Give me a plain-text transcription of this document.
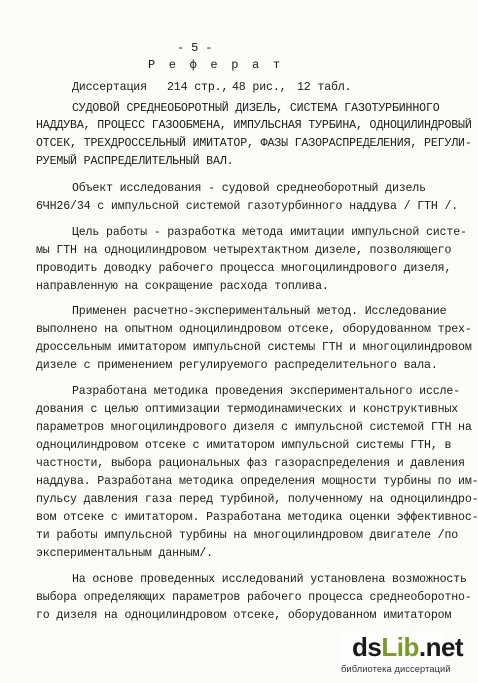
- 5 -
Р е ф е р а т
Диссертация 214 стр., 48 рис., 12 табл.
СУДОВОЙ СРЕДНЕОБОРОТНЫЙ ДИЗЕЛЬ, СИСТЕМА ГАЗОТУРБИННОГО
НАДДУВА, ПРОЦЕСС ГАЗООБМЕНА, ИМПУЛЬСНАЯ ТУРБИНА, ОДНОЦИЛИНДРОВЫЙ
ОТСЕК, ТРЕХДРОССЕЛЬНЫЙ ИМИТАТОР, ФАЗЫ ГАЗОРАСПРЕДЕЛЕНИЯ, РЕГУЛИ-
РУЕМЫЙ РАСПРЕДЕЛИТЕЛЬНЫЙ ВАЛ.
Объект исследования - судовой среднеоборотный дизель
6ЧН26/34 с импульсной системой газотурбинного наддува / ГТН /.
Цель работы - разработка метода имитации импульсной систе-
мы ГТН на одноцилиндровом четырехтактном дизеле, позволяющего
проводить доводку рабочего процесса многоцилиндрового дизеля,
направленную на сокращение расхода топлива.
Применен расчетно-экспериментальный метод. Исследование
выполнено на опытном одноцилиндровом отсеке, оборудованном трех-
дроссельным имитатором импульсной системы ГТН и многоцилиндровом
дизеле с применением регулируемого распределительного вала.
Разработана методика проведения экспериментального иссле-
дования с целью оптимизации термодинамических и конструктивных
параметров многоцилиндрового дизеля с импульсной системой ГТН на
одноцилиндровом отсеке с имитатором импульсной системы ГТН, в
частности, выбора рациональных фаз газораспределения и давления
наддува. Разработана методика определения мощности турбины по им-
пульсу давления газа перед турбиной, полученному на одноцилиндро-
вом отсеке с имитатором. Разработана методика оценки эффективнос-
ти работы импульсной турбины на многоцилиндровом двигателе /по
экспериментальным данным/.
На основе проведенных исследований установлена возможность
выбора определяющих параметров рабочего процесса среднеоборотно-
го дизеля на одноцилиндровом отсеке, оборудованном имитатором
dsLib.net
библиотека диссертаций
